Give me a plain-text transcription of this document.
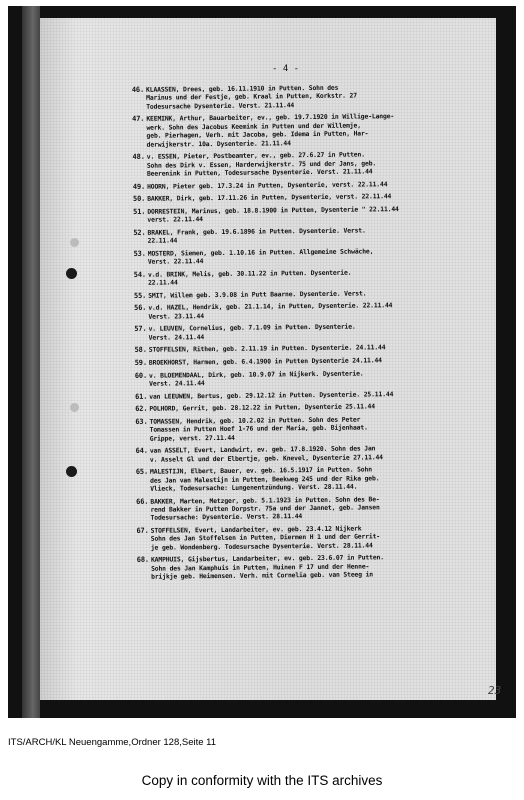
- 4 -
46. KLAASSEN, Drees, geb. 16.11.1910 in Putten. Sohn des
Marinus und der Festje, geb. Kraal in Putten, Korkstr. 27
Todesursache Dysenterie. Verst. 21.11.44
47. KEEMINK, Arthur, Bauarbeiter, ev., geb. 19.7.1920 in Willige-Lange-
werk. Sohn des Jacobus Keemink in Putten und der Willemje,
geb. Pierhagen, Verh. mit Jacoba, geb. Idema in Putten, Har-
derwijkerstr. 10a. Dysenterie. 21.11.44
48. v. ESSEN, Pieter, Postbeamter, ev., geb. 27.6.27 in Putten.
Sohn des Dirk v. Essen, Harderwijkerstr. 75 und der Jans, geb.
Beerenink in Putten, Todesursache Dysenterie. Verst. 21.11.44
49. HOORN, Pieter geb. 17.3.24 in Putten, Dysenterie, verst. 22.11.44
50. BAKKER, Dirk, geb. 17.11.26 in Putten, Dysenterie, verst. 22.11.44
51. DORRESTEIN, Marinus, geb. 18.8.1900 in Putten, Dysenterie " 22.11.44
verst. 22.11.44
52. BRAKEL, Frank, geb. 19.6.1896 in Putten. Dysenterie. Verst.
22.11.44
53. MOSTERD, Siemen, geb. 1.10.16 in Putten. Allgemeine Schwäche,
Verst. 22.11.44
54. v.d. BRINK, Melis, geb. 30.11.22 in Putten. Dysenterie.
22.11.44
55. SMIT, Willem geb. 3.9.08 in Putt Baarne. Dysenterie. Verst.
56. v.d. HAZEL, Hendrik, geb. 21.1.14, in Putten, Dysenterie. 22.11.44
Verst. 23.11.44
57. v. LEUVEN, Cornelius, geb. 7.1.09 in Putten. Dysenterie.
Verst. 24.11.44
58. STOFFELSEN, Rithen, geb. 2.11.19 in Putten. Dysenterie. 24.11.44
59. BROEKHORST, Harmen, geb. 6.4.1900 in Putten Dysenterie 24.11.44
60. v. BLOEMENDAAL, Dirk, geb. 10.9.07 in Nijkerk. Dysenterie.
Verst. 24.11.44
61. van LEEUWEN, Bertus, geb. 29.12.12 in Putten. Dysenterie. 25.11.44
62. POLHORD, Gerrit, geb. 28.12.22 in Putten, Dysenterie 25.11.44
63. TOMASSEN, Hendrik, geb. 10.2.02 in Putten. Sohn des Peter
Tomassen in Putten Hoef 1-76 und der Maria, geb. Bijenhaat.
Grippe, verst. 27.11.44
64. van ASSELT, Evert, Landwirt, ev. geb. 17.8.1920. Sohn des Jan
v. Asselt Gl und der Elbertje, geb. Knevel, Dysenterie 27.11.44
65. MALESTIJN, Elbert, Bauer, ev. geb. 16.5.1917 in Putten. Sohn
des Jan van Malestijn in Putten, Beekweg 245 und der Rika geb.
Vlieck, Todesursache: Lungenentzündung. Verst. 28.11.44.
66. BAKKER, Marten, Metzger, geb. 5.1.1923 in Putten. Sohn des Be-
rend Bakker in Putten Dorpstr. 75a und der Jannet, geb. Jansen
Todesursache: Dysenterie. Verst. 28.11.44
67. STOFFELSEN, Evert, Landarbeiter, ev. geb. 23.4.12 Nijkerk
Sohn des Jan Stoffelsen in Putten, Diermen H 1 und der Gerrit-
je geb. Wondenberg. Todesursache Dysenterie. Verst. 28.11.44
68. KAMPHUIS, Gijsbertus, Landarbeiter, ev. geb. 23.6.07 in Putten.
Sohn des Jan Kamphuis in Putten, Huinen F 17 und der Henne-
brijkje geb. Heimensen. Verh. mit Cornelia geb. van Steeg in
23
ITS/ARCH/KL Neuengamme,Ordner 128,Seite 11
Copy in conformity with the ITS archives
